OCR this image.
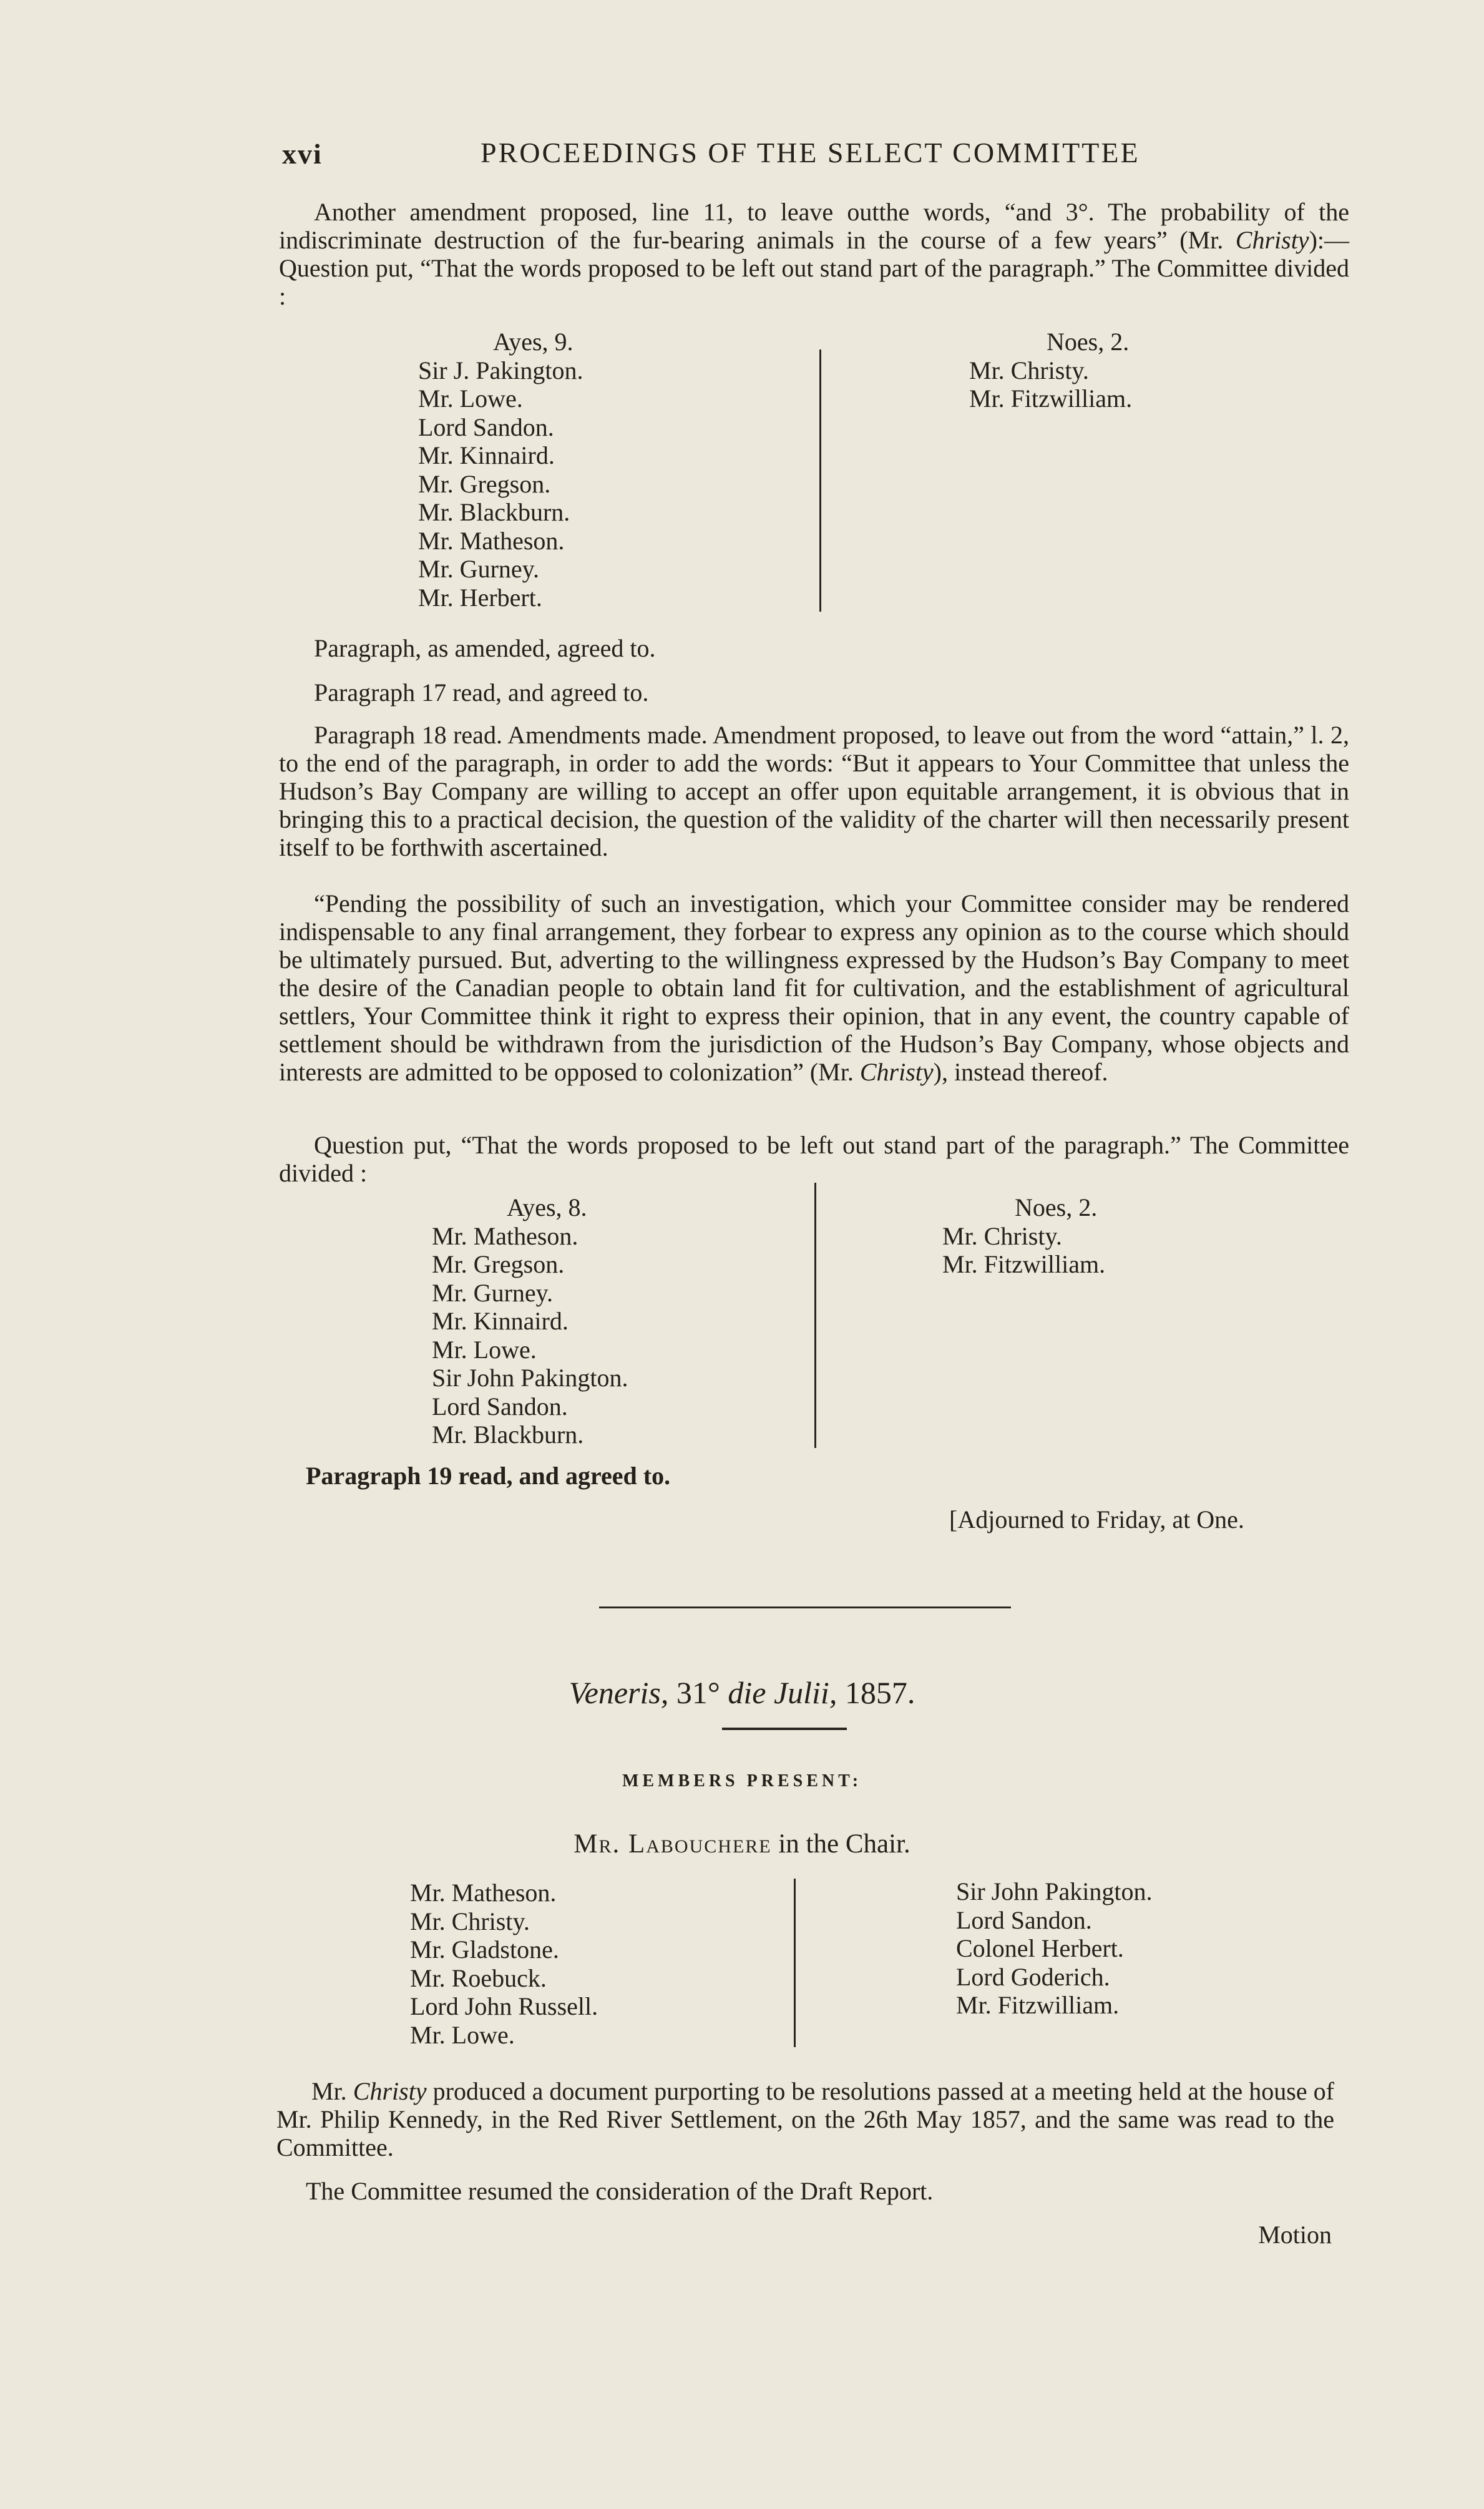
xvi	PROCEEDINGS OF THE SELECT COMMITTEE
Another amendment proposed, line 11, to leave outthe words, “and 3°. The probability of the indiscriminate destruction of the fur-bearing animals in the course of a few years” (Mr. Christy):—Question put, “That the words proposed to be left out stand part of the paragraph.” The Committee divided :
Ayes, 9.
Sir J. Pakington.
Mr. Lowe.
Lord Sandon.
Mr. Kinnaird.
Mr. Gregson.
Mr. Blackburn.
Mr. Matheson.
Mr. Gurney.
Mr. Herbert.
Noes, 2.
Mr. Christy.
Mr. Fitzwilliam.
Paragraph, as amended, agreed to.
Paragraph 17 read, and agreed to.
Paragraph 18 read. Amendments made. Amendment proposed, to leave out from the word “attain,” l. 2, to the end of the paragraph, in order to add the words: “But it appears to Your Committee that unless the Hudson’s Bay Company are willing to accept an offer upon equitable arrangement, it is obvious that in bringing this to a practical decision, the question of the validity of the charter will then necessarily present itself to be forthwith ascertained.
“Pending the possibility of such an investigation, which your Committee consider may be rendered indispensable to any final arrangement, they forbear to express any opinion as to the course which should be ultimately pursued. But, adverting to the willingness expressed by the Hudson’s Bay Company to meet the desire of the Canadian people to obtain land fit for cultivation, and the establishment of agricultural settlers, Your Committee think it right to express their opinion, that in any event, the country capable of settlement should be withdrawn from the jurisdiction of the Hudson’s Bay Company, whose objects and interests are admitted to be opposed to colonization” (Mr. Christy), instead thereof.
Question put, “That the words proposed to be left out stand part of the paragraph.” The Committee divided :
Ayes, 8.
Mr. Matheson.
Mr. Gregson.
Mr. Gurney.
Mr. Kinnaird.
Mr. Lowe.
Sir John Pakington.
Lord Sandon.
Mr. Blackburn.
Noes, 2.
Mr. Christy.
Mr. Fitzwilliam.
Paragraph 19 read, and agreed to.
[Adjourned to Friday, at One.
Veneris, 31° die Julii, 1857.
MEMBERS PRESENT:
Mr. Labouchere in the Chair.
Mr. Matheson.
Mr. Christy.
Mr. Gladstone.
Mr. Roebuck.
Lord John Russell.
Mr. Lowe.
Sir John Pakington.
Lord Sandon.
Colonel Herbert.
Lord Goderich.
Mr. Fitzwilliam.
Mr. Christy produced a document purporting to be resolutions passed at a meeting held at the house of Mr. Philip Kennedy, in the Red River Settlement, on the 26th May 1857, and the same was read to the Committee.
The Committee resumed the consideration of the Draft Report.
Motion
